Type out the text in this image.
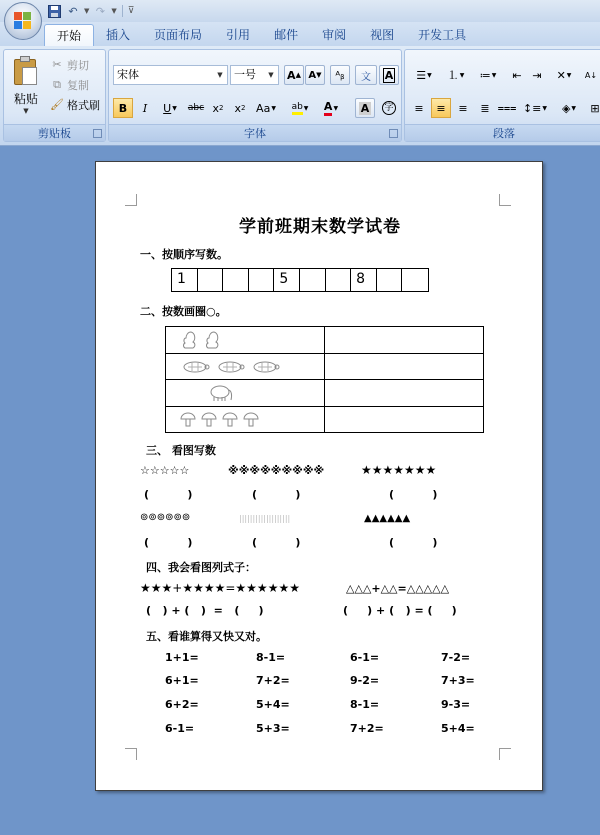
↶ ▼ ↷ ▼ ⊽
开始	插入	页面布局	引用	邮件	审阅	视图	开发工具
粘贴
▼
✂ 剪切
⧉ 复制
🖌 格式刷
剪贴板
宋体	▼	一号	▼	A ▲ A ▼	ᴬᵦ	文 A
B I U ▼ abc x 2	x 2 Aa ▼ ab ▼ A ▼ A 字
字体
☰ ▼	⒈ ▼	≔ ▼	⇤ ⇥	✕ ▼ A↓
≡	≡	≡	≣ ⩶ ↕≡ ▼	◈ ▼	⊞
段落
学前班期末数学试卷
一、按顺序写数。
1	5	8
二、按数画圈○。

三、 看图写数
☆☆☆☆☆	※※※※※※※※※	★★★★★★★
(          )	(          )	(          )
⊚⊚⊚⊚⊚⊚	|||||||||||||||||||	▲▲▲▲▲▲
(          )	(          )	(          )
四、我会看图列式子：
★★★+★★★★=★★★★★★	△△△+△△=△△△△△
(   ) + (   )  =   (     )	(     ) + (   ) = (     )
五、看谁算得又快又对。
1+1=	8-1=	6-1=	7-2=
6+1=	7+2=	9-2=	7+3=
6+2=	5+4=	8-1=	9-3=
6-1=	5+3=	7+2=	5+4=
